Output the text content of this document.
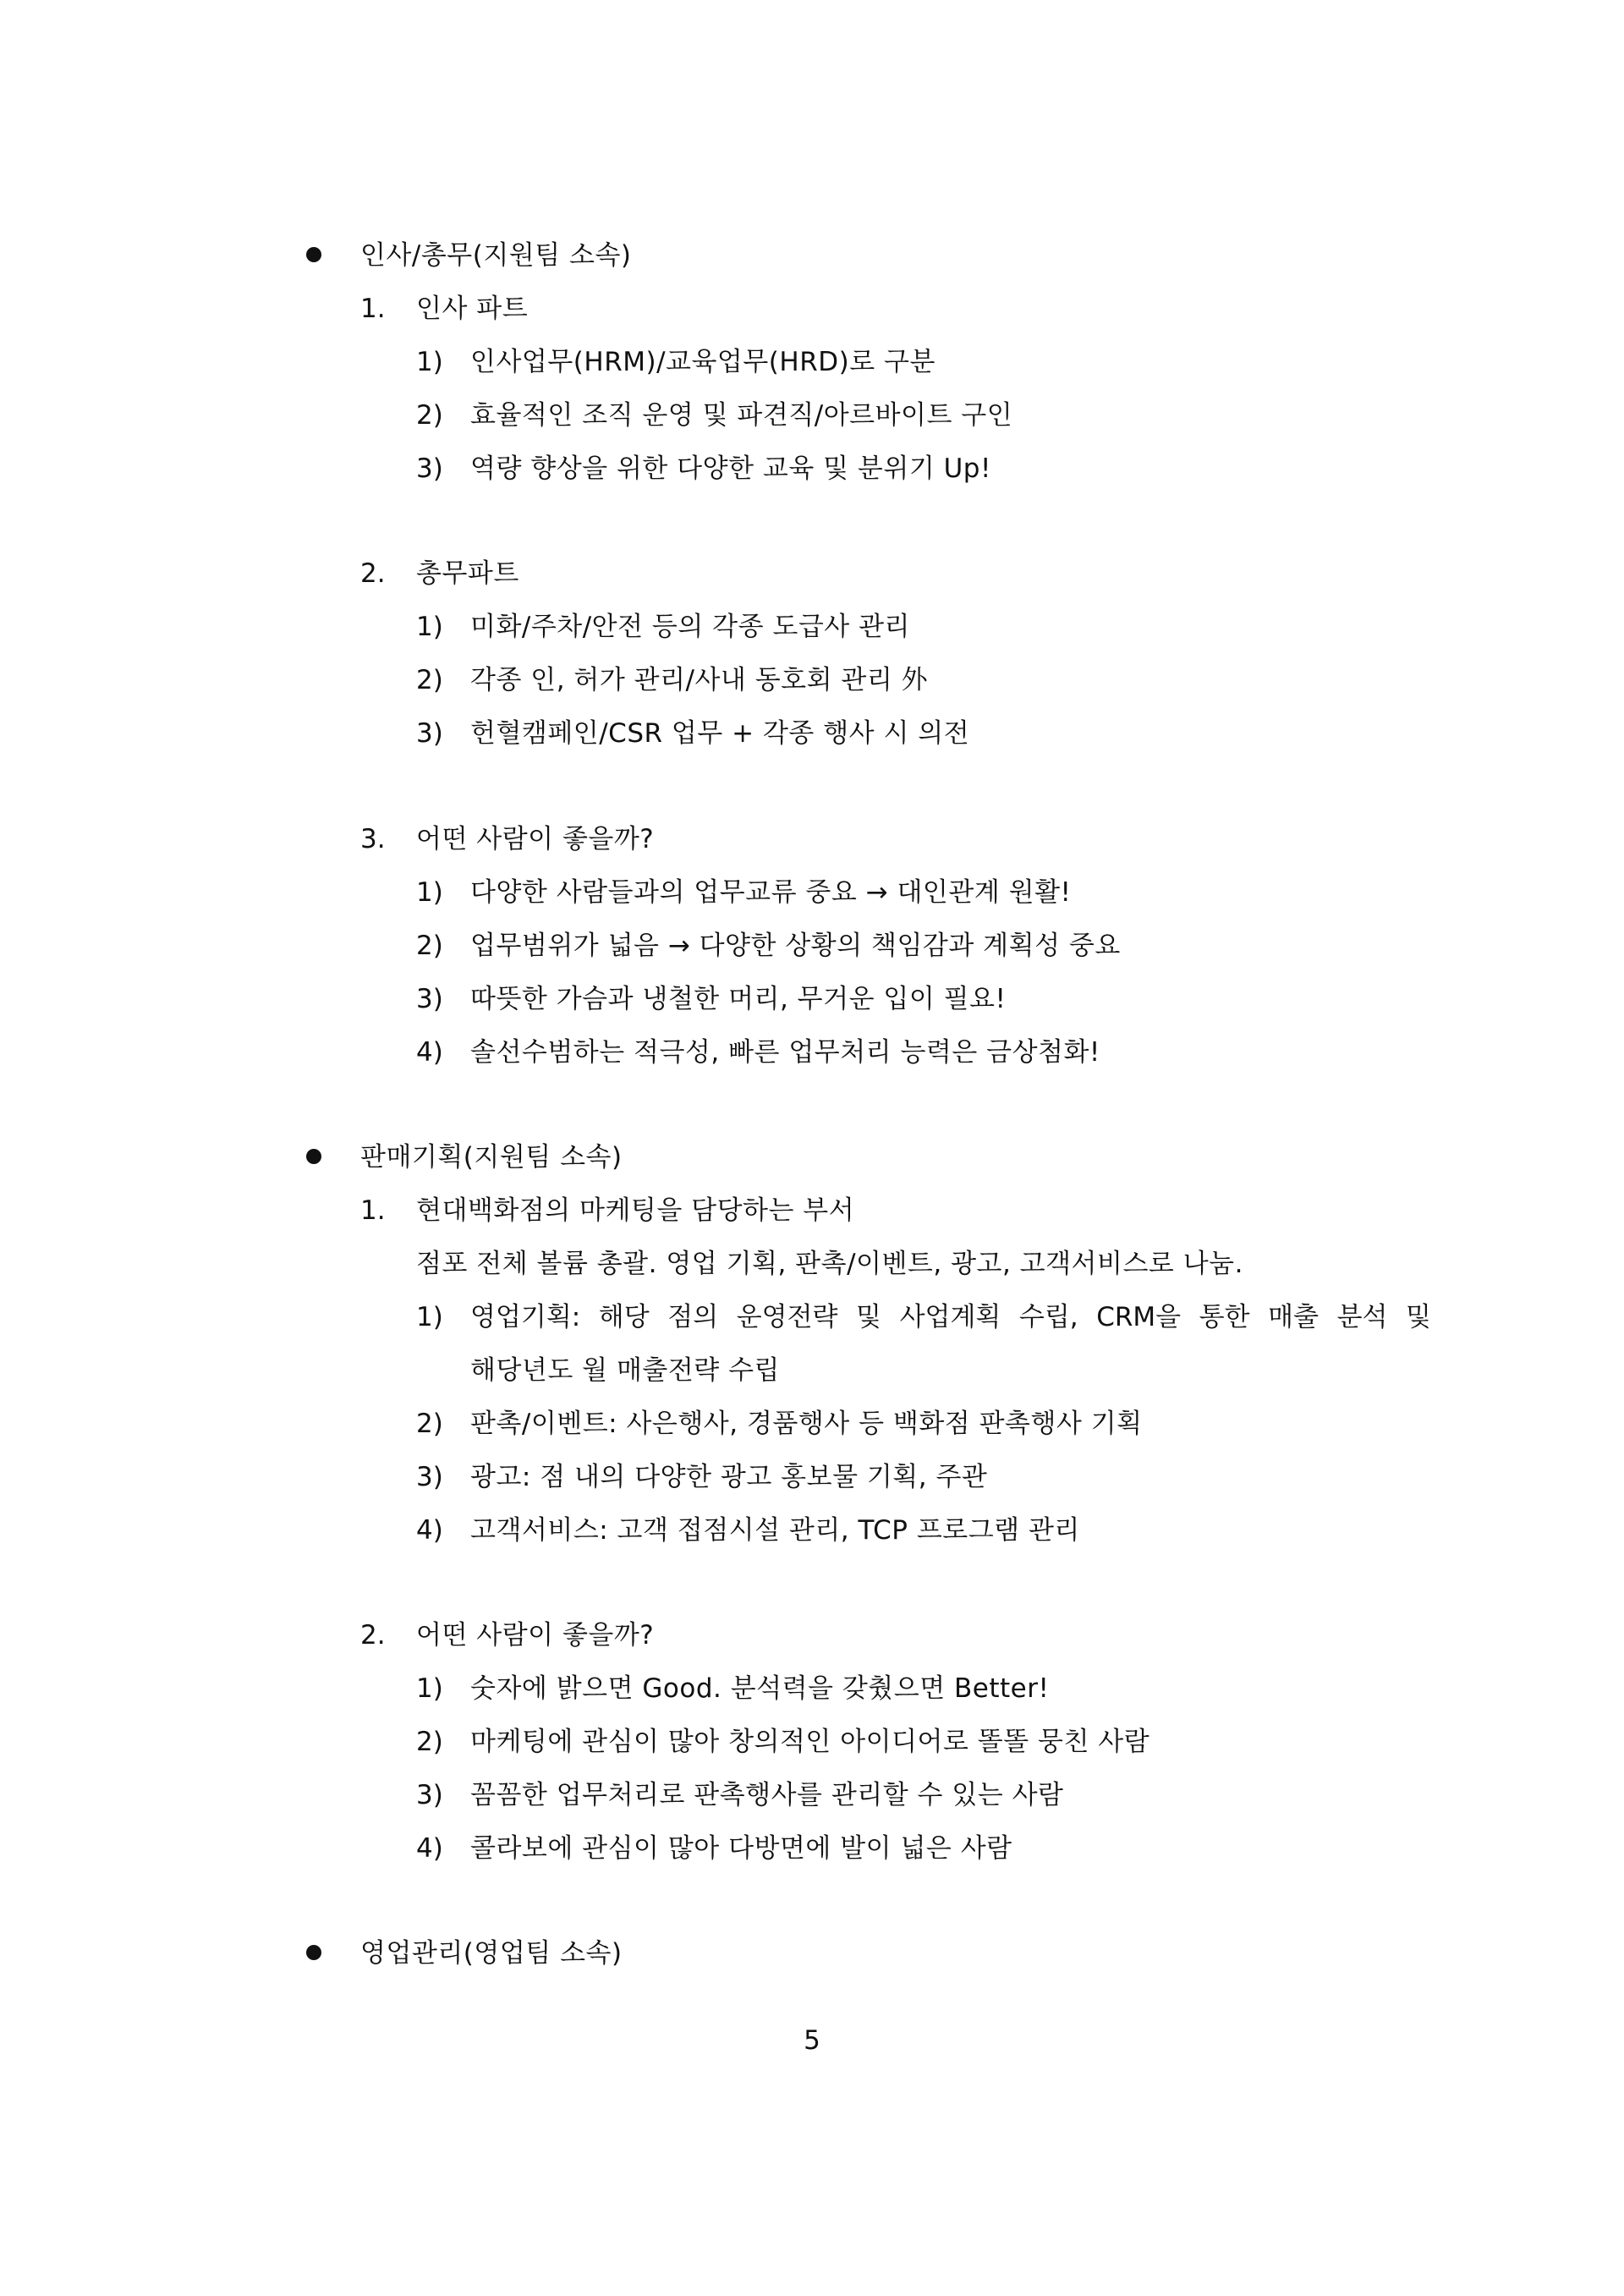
인사/총무(지원팀 소속)
1. 인사 파트
1) 인사업무(HRM)/교육업무(HRD)로 구분
2) 효율적인 조직 운영 및 파견직/아르바이트 구인
3) 역량 향상을 위한 다양한 교육 및 분위기 Up!
2. 총무파트
1) 미화/주차/안전 등의 각종 도급사 관리
2) 각종 인, 허가 관리/사내 동호회 관리 外
3) 헌혈캠페인/CSR 업무 + 각종 행사 시 의전
3. 어떤 사람이 좋을까?
1) 다양한 사람들과의 업무교류 중요 → 대인관계 원활!
2) 업무범위가 넓음 → 다양한 상황의 책임감과 계획성 중요
3) 따뜻한 가슴과 냉철한 머리, 무거운 입이 필요!
4) 솔선수범하는 적극성, 빠른 업무처리 능력은 금상첨화!
판매기획(지원팀 소속)
1. 현대백화점의 마케팅을 담당하는 부서
점포 전체 볼륨 총괄. 영업 기획, 판촉/이벤트, 광고, 고객서비스로 나눔.
1) 영업기획: 해당 점의 운영전략 및 사업계획 수립, CRM을 통한 매출 분석 및
해당년도 월 매출전략 수립
2) 판촉/이벤트: 사은행사, 경품행사 등 백화점 판촉행사 기획
3) 광고: 점 내의 다양한 광고 홍보물 기획, 주관
4) 고객서비스: 고객 접점시설 관리, TCP 프로그램 관리
2. 어떤 사람이 좋을까?
1) 숫자에 밝으면 Good. 분석력을 갖췄으면 Better!
2) 마케팅에 관심이 많아 창의적인 아이디어로 똘똘 뭉친 사람
3) 꼼꼼한 업무처리로 판촉행사를 관리할 수 있는 사람
4) 콜라보에 관심이 많아 다방면에 발이 넓은 사람
영업관리(영업팀 소속)
5
